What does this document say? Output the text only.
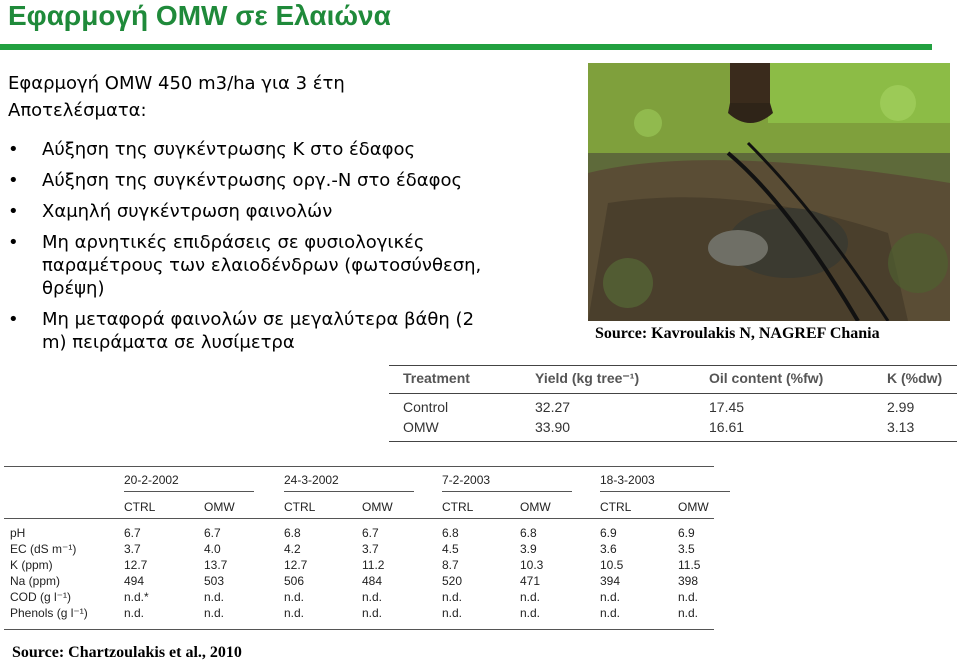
Εφαρμογή OMW σε Ελαιώνα
Εφαρμογή OMW 450 m3/ha για 3 έτη
Αποτελέσματα:
• Αύξηση της συγκέντρωσης Κ στο έδαφος
• Αύξηση της συγκέντρωσης οργ.-Ν στο έδαφος
• Χαμηλή συγκέντρωση φαινολών
• Μη αρνητικές επιδράσεις σε φυσιολογικές
παραμέτρους των ελαιοδένδρων (φωτοσύνθεση,
θρέψη)
• Μη μεταφορά φαινολών σε μεγαλύτερα βάθη (2
m) πειράματα σε λυσίμετρα	Source: Kavroulakis N, NAGREF Chania
Treatment	Yield (kg tree⁻¹)	Oil content (%fw)	K (%dw)
Control	32.27	17.45	2.99
OMW	33.90	16.61	3.13
20-2-2002	24-3-2002	7-2-2003	18-3-2003
CTRL	OMW	CTRL	OMW	CTRL	OMW	CTRL	OMW
pH	6.7	6.7	6.8	6.7	6.8	6.8	6.9	6.9
EC (dS m⁻¹)	3.7	4.0	4.2	3.7	4.5	3.9	3.6	3.5
K (ppm)	12.7	13.7	12.7	11.2	8.7	10.3	10.5	11.5
Na (ppm)	494	503	506	484	520	471	394	398
COD (g l⁻¹)	n.d.*	n.d.	n.d.	n.d.	n.d.	n.d.	n.d.	n.d.
Phenols (g l⁻¹)	n.d.	n.d.	n.d.	n.d.	n.d.	n.d.	n.d.	n.d.
Source: Chartzoulakis et al., 2010
